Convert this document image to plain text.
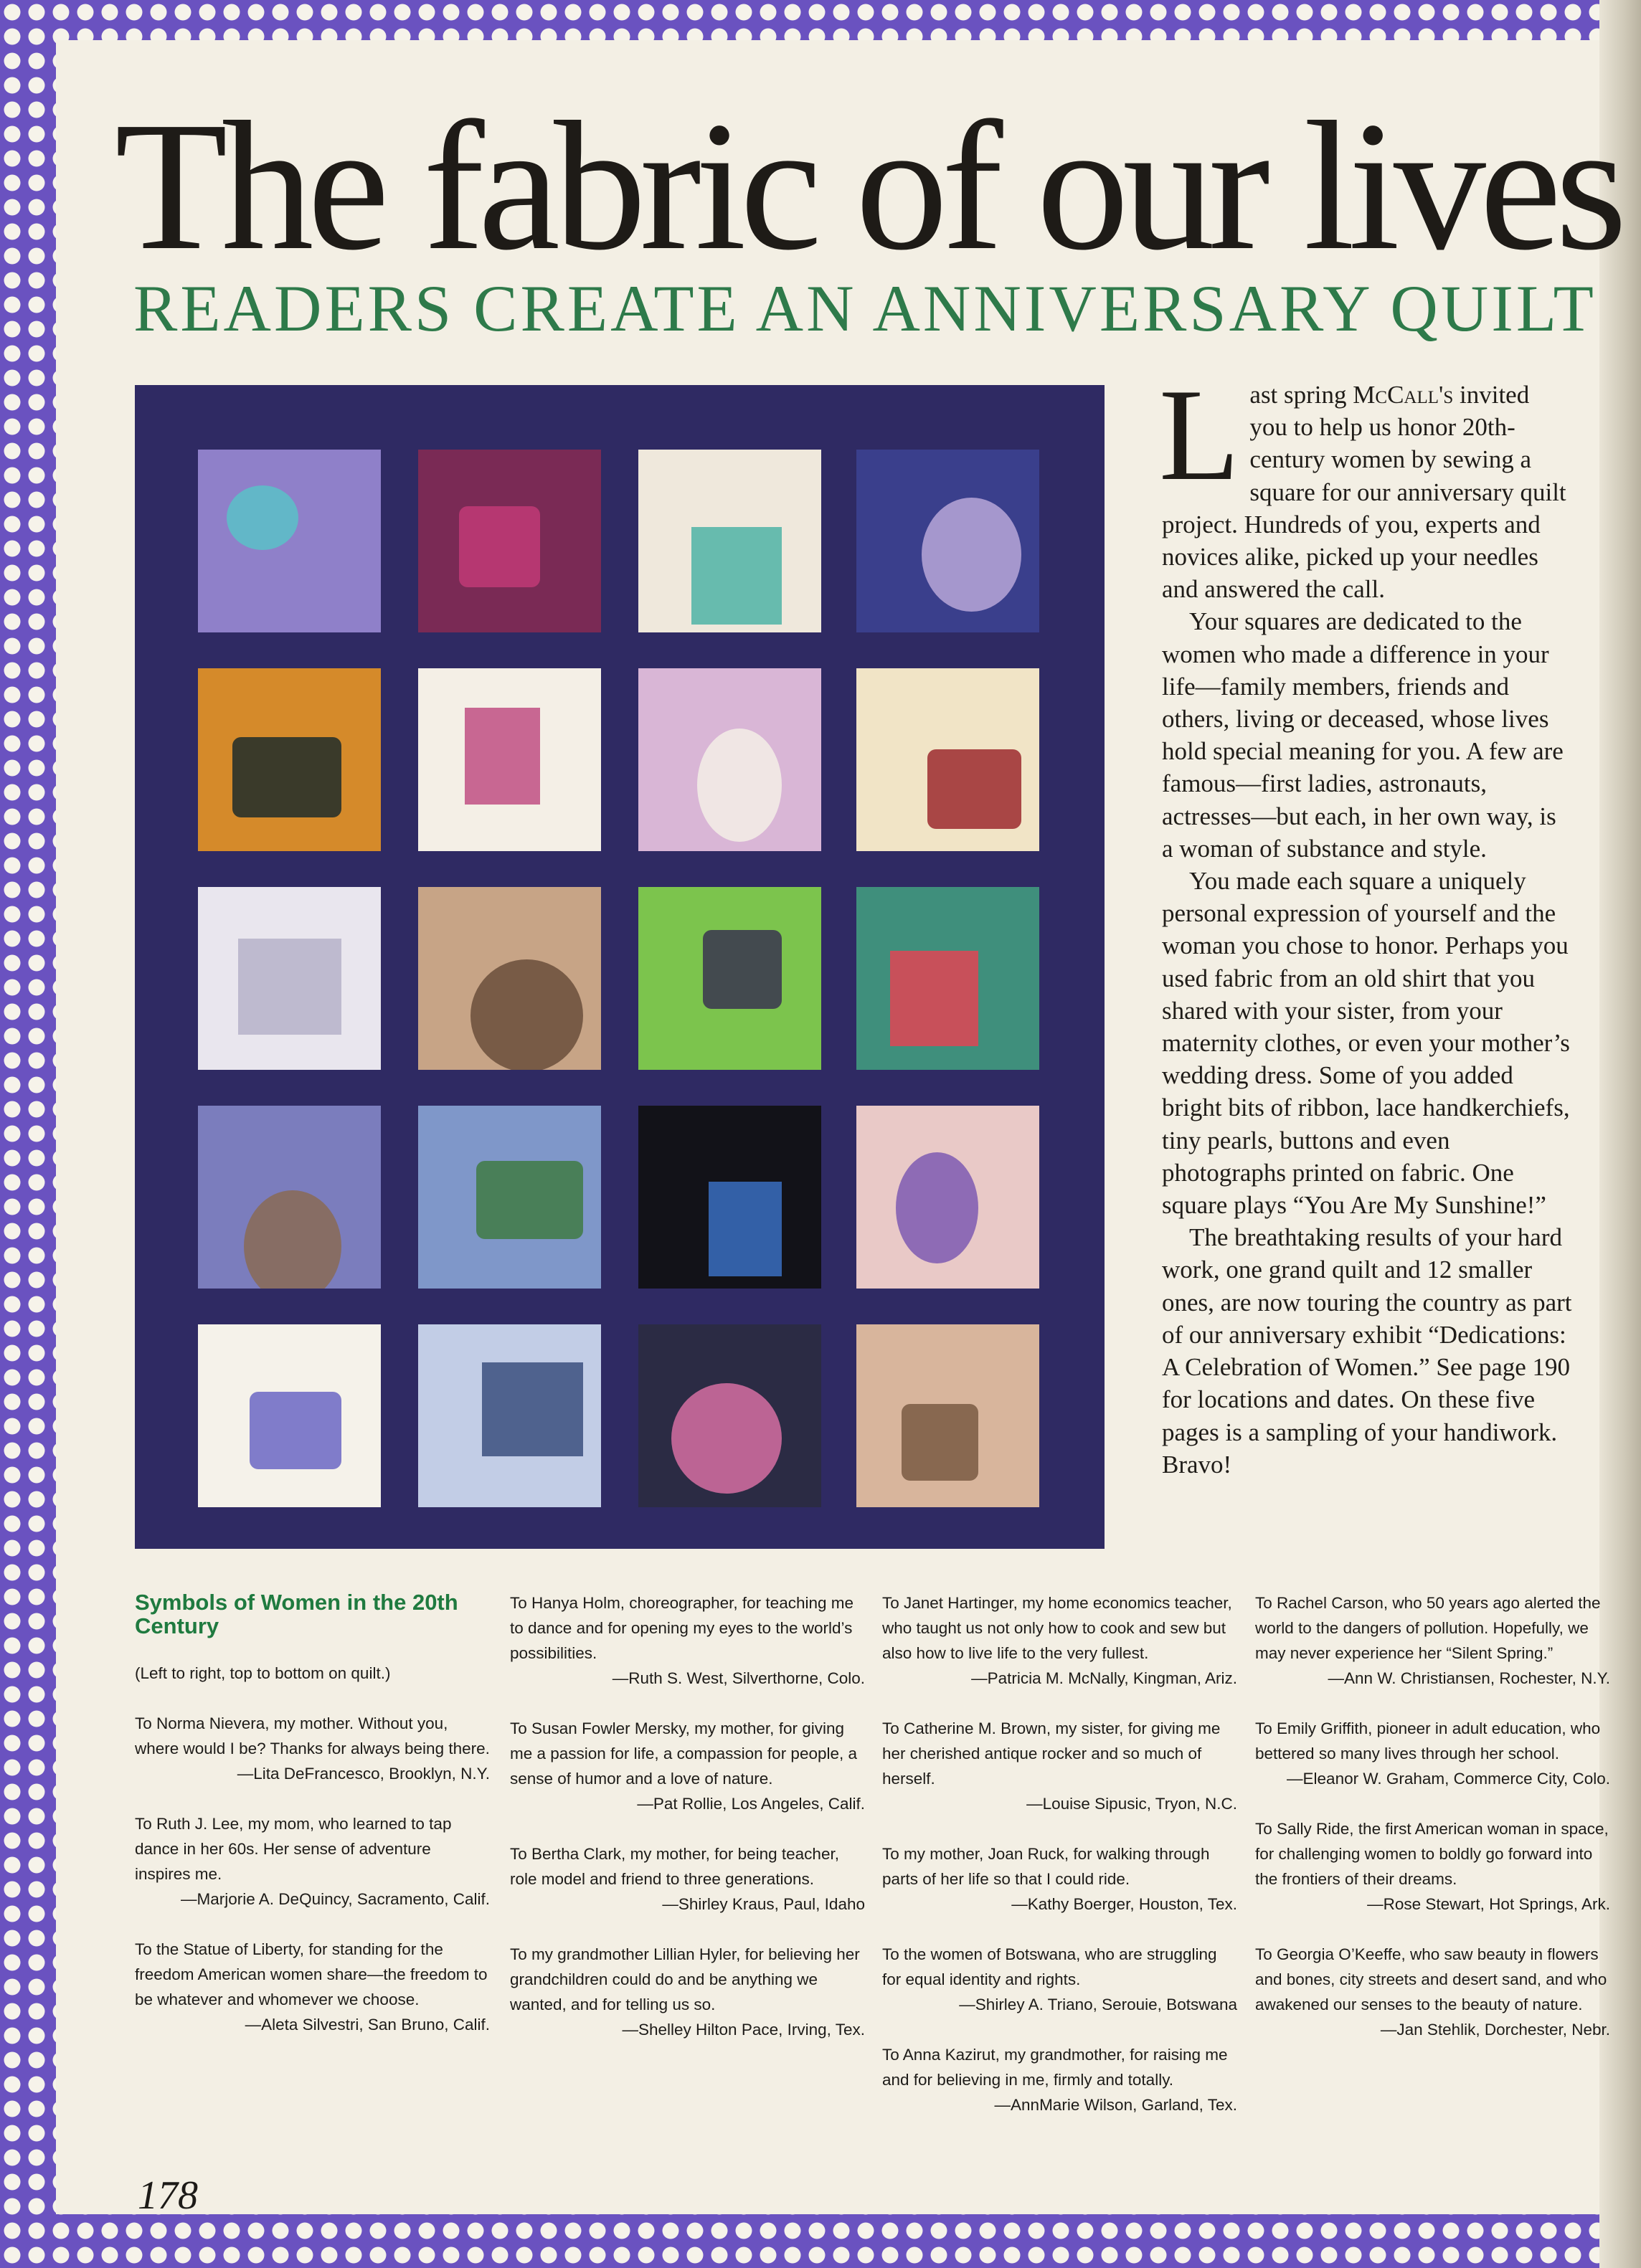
The fabric of our lives
READERS CREATE AN ANNIVERSARY QUILT

Last spring McCall's invited you to help us honor 20th-century women by sewing a square for our anniversary quilt project. Hundreds of you, experts and novices alike, picked up your needles and answered the call.

Your squares are dedicated to the women who made a difference in your life—family members, friends and others, living or deceased, whose lives hold special meaning for you. A few are famous—first ladies, astronauts, actresses—but each, in her own way, is a woman of substance and style.

You made each square a uniquely personal expression of yourself and the woman you chose to honor. Perhaps you used fabric from an old shirt that you shared with your sister, from your maternity clothes, or even your mother’s wedding dress. Some of you added bright bits of ribbon, lace handkerchiefs, tiny pearls, buttons and even photographs printed on fabric. One square plays “You Are My Sunshine!”

The breathtaking results of your hard work, one grand quilt and 12 smaller ones, are now touring the country as part of our anniversary exhibit “Dedications: A Celebration of Women.” See page 190 for locations and dates. On these five pages is a sampling of your handiwork. Bravo!

Symbols of Women in the 20th Century

(Left to right, top to bottom on quilt.)

To Norma Nievera, my mother. Without you, where would I be? Thanks for always being there.
—Lita DeFrancesco, Brooklyn, N.Y.

To Ruth J. Lee, my mom, who learned to tap dance in her 60s. Her sense of adventure inspires me.
—Marjorie A. DeQuincy, Sacramento, Calif.

To the Statue of Liberty, for standing for the freedom American women share—the freedom to be whatever and whomever we choose.
—Aleta Silvestri, San Bruno, Calif.

To Hanya Holm, choreographer, for teaching me to dance and for opening my eyes to the world’s possibilities.
—Ruth S. West, Silverthorne, Colo.

To Susan Fowler Mersky, my mother, for giving me a passion for life, a compassion for people, a sense of humor and a love of nature.
—Pat Rollie, Los Angeles, Calif.

To Bertha Clark, my mother, for being teacher, role model and friend to three generations.
—Shirley Kraus, Paul, Idaho

To my grandmother Lillian Hyler, for believing her grandchildren could do and be anything we wanted, and for telling us so.
—Shelley Hilton Pace, Irving, Tex.

To Janet Hartinger, my home economics teacher, who taught us not only how to cook and sew but also how to live life to the very fullest.
—Patricia M. McNally, Kingman, Ariz.

To Catherine M. Brown, my sister, for giving me her cherished antique rocker and so much of herself.
—Louise Sipusic, Tryon, N.C.

To my mother, Joan Ruck, for walking through parts of her life so that I could ride.
—Kathy Boerger, Houston, Tex.

To the women of Botswana, who are struggling for equal identity and rights.
—Shirley A. Triano, Serouie, Botswana

To Anna Kazirut, my grandmother, for raising me and for believing in me, firmly and totally.
—AnnMarie Wilson, Garland, Tex.

To Rachel Carson, who 50 years ago alerted the world to the dangers of pollution. Hopefully, we may never experience her “Silent Spring.”
—Ann W. Christiansen, Rochester, N.Y.

To Emily Griffith, pioneer in adult education, who bettered so many lives through her school.
—Eleanor W. Graham, Commerce City, Colo.

To Sally Ride, the first American woman in space, for challenging women to boldly go forward into the frontiers of their dreams.
—Rose Stewart, Hot Springs, Ark.

To Georgia O’Keeffe, who saw beauty in flowers and bones, city streets and desert sand, and who awakened our senses to the beauty of nature.
—Jan Stehlik, Dorchester, Nebr.

178
